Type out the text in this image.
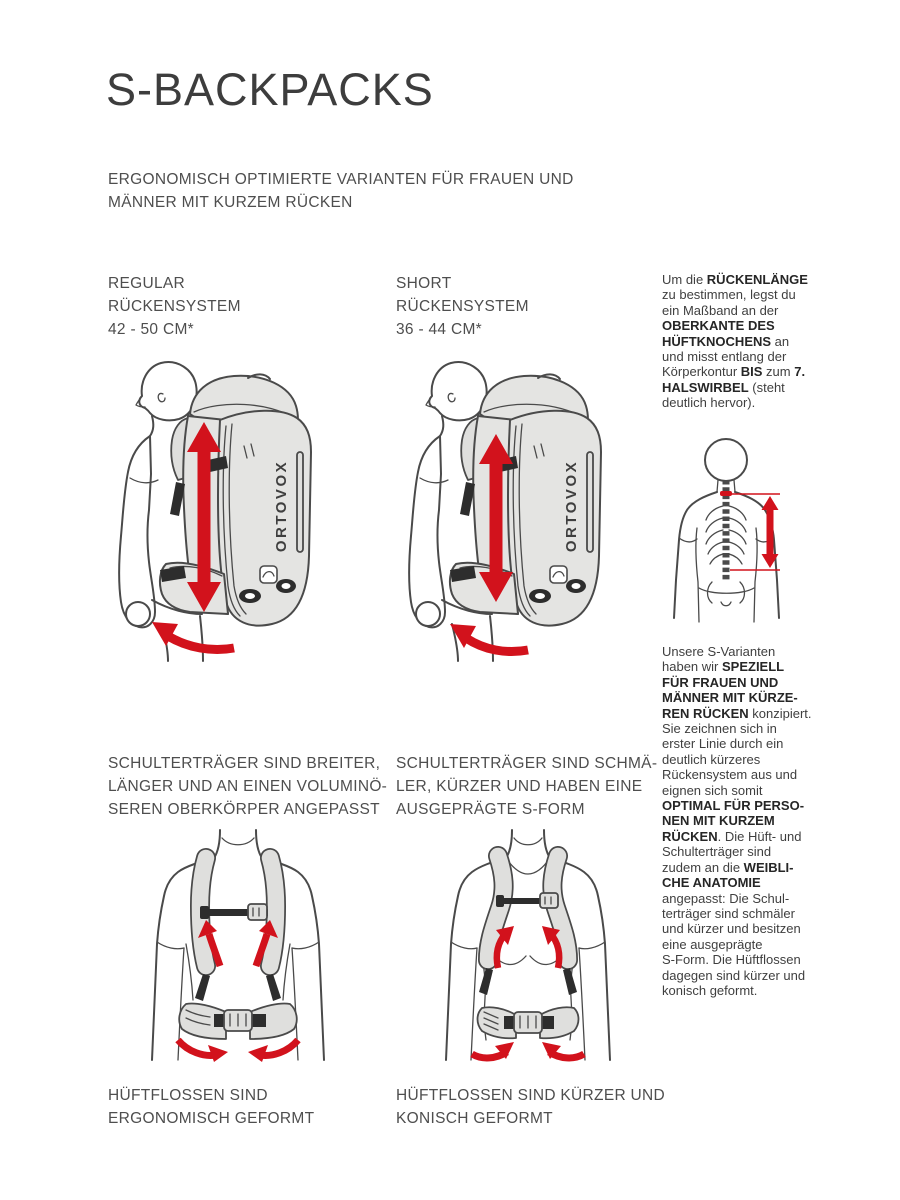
S-BACKPACKS
ERGONOMISCH OPTIMIERTE VARIANTEN FÜR FRAUEN UND
MÄNNER MIT KURZEM RÜCKEN
REGULAR
RÜCKENSYSTEM
42 - 50 CM*
SHORT
RÜCKENSYSTEM
36 - 44 CM*
Um die RÜCKENLÄNGE
zu bestimmen, legst du
ein Maßband an der
OBERKANTE DES
HÜFTKNOCHENS an
und misst entlang der
Körperkontur BIS zum 7.
HALSWIRBEL (steht
deutlich hervor).
ORTOVOX	ORTOVOX
Unsere S-Varianten
haben wir SPEZIELL
FÜR FRAUEN UND
MÄNNER MIT KÜRZE-
REN RÜCKEN konzipiert.
Sie zeichnen sich in
erster Linie durch ein
deutlich kürzeres
Rückensystem aus und
eignen sich somit
OPTIMAL FÜR PERSO-
NEN MIT KURZEM
RÜCKEN. Die Hüft- und
Schulterträger sind
zudem an die WEIBLI-
CHE ANATOMIE
angepasst: Die Schul-
terträger sind schmäler
und kürzer und besitzen
eine ausgeprägte
S-Form. Die Hüftflossen
dagegen sind kürzer und
konisch geformt.
SCHULTERTRÄGER SIND BREITER,
LÄNGER UND AN EINEN VOLUMINÖ-
SEREN OBERKÖRPER ANGEPASST
SCHULTERTRÄGER SIND SCHMÄ-
LER, KÜRZER UND HABEN EINE
AUSGEPRÄGTE S-FORM
HÜFTFLOSSEN SIND
ERGONOMISCH GEFORMT
HÜFTFLOSSEN SIND KÜRZER UND
KONISCH GEFORMT
